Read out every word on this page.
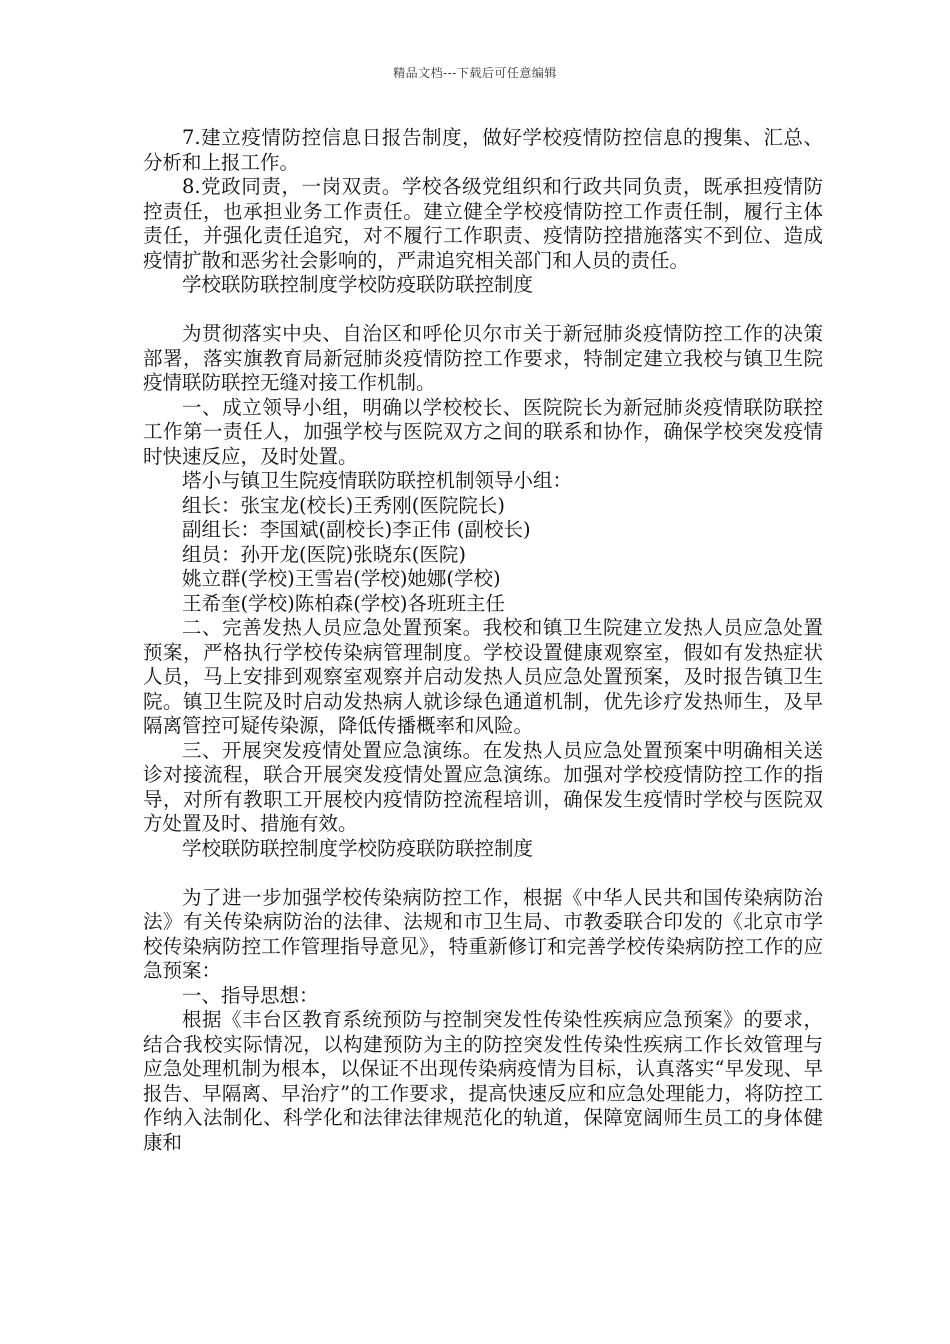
精品文档---下载后可任意编辑

7.建立疫情防控信息日报告制度，做好学校疫情防控信息的搜集、汇总、分析和上报工作。

8.党政同责，一岗双责。学校各级党组织和行政共同负责，既承担疫情防控责任，也承担业务工作责任。建立健全学校疫情防控工作责任制，履行主体责任，并强化责任追究，对不履行工作职责、疫情防控措施落实不到位、造成疫情扩散和恶劣社会影响的，严肃追究相关部门和人员的责任。

学校联防联控制度学校防疫联防联控制度

为贯彻落实中央、自治区和呼伦贝尔市关于新冠肺炎疫情防控工作的决策部署，落实旗教育局新冠肺炎疫情防控工作要求，特制定建立我校与镇卫生院疫情联防联控无缝对接工作机制。

一、成立领导小组，明确以学校校长、医院院长为新冠肺炎疫情联防联控工作第一责任人，加强学校与医院双方之间的联系和协作，确保学校突发疫情时快速反应，及时处置。

塔小与镇卫生院疫情联防联控机制领导小组：

组长：张宝龙(校长)王秀刚(医院院长)

副组长：李国斌(副校长)李正伟 (副校长)

组员：孙开龙(医院)张晓东(医院)

姚立群(学校)王雪岩(学校)她娜(学校)

王希奎(学校)陈柏森(学校)各班班主任

二、完善发热人员应急处置预案。我校和镇卫生院建立发热人员应急处置预案，严格执行学校传染病管理制度。学校设置健康观察室，假如有发热症状人员，马上安排到观察室观察并启动发热人员应急处置预案，及时报告镇卫生院。镇卫生院及时启动发热病人就诊绿色通道机制，优先诊疗发热师生，及早隔离管控可疑传染源，降低传播概率和风险。

三、开展突发疫情处置应急演练。在发热人员应急处置预案中明确相关送诊对接流程，联合开展突发疫情处置应急演练。加强对学校疫情防控工作的指导，对所有教职工开展校内疫情防控流程培训，确保发生疫情时学校与医院双方处置及时、措施有效。

学校联防联控制度学校防疫联防联控制度

为了进一步加强学校传染病防控工作，根据《中华人民共和国传染病防治法》有关传染病防治的法律、法规和市卫生局、市教委联合印发的《北京市学校传染病防控工作管理指导意见》，特重新修订和完善学校传染病防控工作的应急预案：

一、指导思想：

根据《丰台区教育系统预防与控制突发性传染性疾病应急预案》的要求，结合我校实际情况，以构建预防为主的防控突发性传染性疾病工作长效管理与应急处理机制为根本，以保证不出现传染病疫情为目标，认真落实“早发现、早报告、早隔离、早治疗”的工作要求，提高快速反应和应急处理能力，将防控工作纳入法制化、科学化和法律法律规范化的轨道，保障宽阔师生员工的身体健康和
